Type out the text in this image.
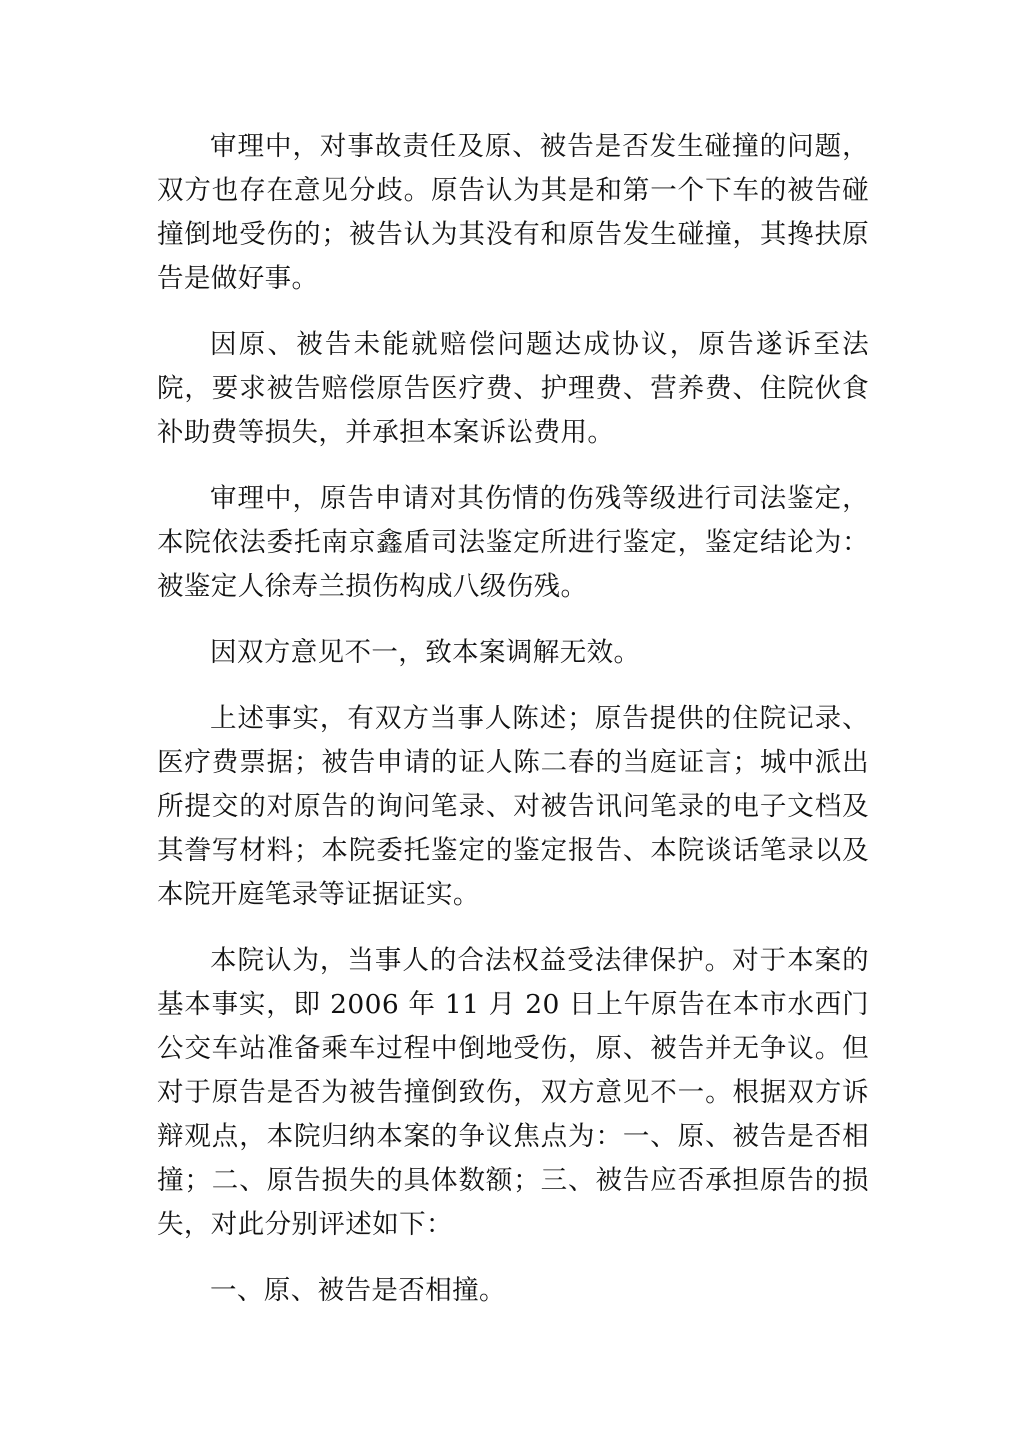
审理中，对事故责任及原、被告是否发生碰撞的问题，双方也存在意见分歧。原告认为其是和第一个下车的被告碰撞倒地受伤的；被告认为其没有和原告发生碰撞，其搀扶原告是做好事。

因原、被告未能就赔偿问题达成协议，原告遂诉至法院，要求被告赔偿原告医疗费、护理费、营养费、住院伙食补助费等损失，并承担本案诉讼费用。

审理中，原告申请对其伤情的伤残等级进行司法鉴定，本院依法委托南京鑫盾司法鉴定所进行鉴定，鉴定结论为：被鉴定人徐寿兰损伤构成八级伤残。

因双方意见不一，致本案调解无效。

上述事实，有双方当事人陈述；原告提供的住院记录、医疗费票据；被告申请的证人陈二春的当庭证言；城中派出所提交的对原告的询问笔录、对被告讯问笔录的电子文档及其誊写材料；本院委托鉴定的鉴定报告、本院谈话笔录以及本院开庭笔录等证据证实。

本院认为，当事人的合法权益受法律保护。对于本案的基本事实，即 2006 年 11 月 20 日上午原告在本市水西门公交车站准备乘车过程中倒地受伤，原、被告并无争议。但对于原告是否为被告撞倒致伤，双方意见不一。根据双方诉辩观点，本院归纳本案的争议焦点为：一、原、被告是否相撞；二、原告损失的具体数额；三、被告应否承担原告的损失，对此分别评述如下：

一、原、被告是否相撞。
